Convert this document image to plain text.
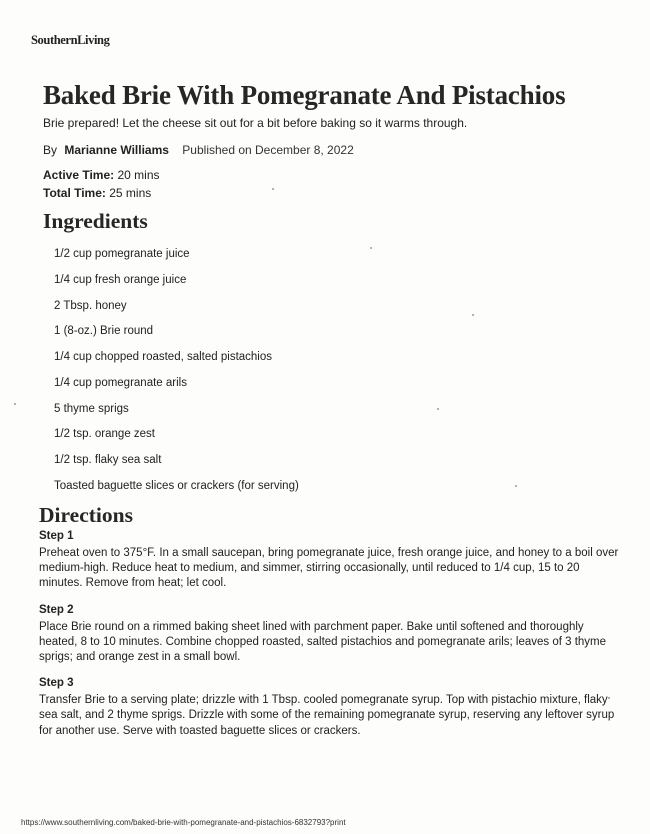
SouthernLiving
Baked Brie With Pomegranate And Pistachios
Brie prepared! Let the cheese sit out for a bit before baking so it warms through.
By Marianne Williams Published on December 8, 2022
Active Time: 20 mins
Total Time: 25 mins
Ingredients
1/2 cup pomegranate juice
1/4 cup fresh orange juice
2 Tbsp. honey
1 (8-oz.) Brie round
1/4 cup chopped roasted, salted pistachios
1/4 cup pomegranate arils
5 thyme sprigs
1/2 tsp. orange zest
1/2 tsp. flaky sea salt
Toasted baguette slices or crackers (for serving)
Directions
Step 1

Preheat oven to 375°F. In a small saucepan, bring pomegranate juice, fresh orange juice, and honey to a boil over medium-high. Reduce heat to medium, and simmer, stirring occasionally, until reduced to 1/4 cup, 15 to 20 minutes. Remove from heat; let cool.

Step 2

Place Brie round on a rimmed baking sheet lined with parchment paper. Bake until softened and thoroughly heated, 8 to 10 minutes. Combine chopped roasted, salted pistachios and pomegranate arils; leaves of 3 thyme sprigs; and orange zest in a small bowl.

Step 3

Transfer Brie to a serving plate; drizzle with 1 Tbsp. cooled pomegranate syrup. Top with pistachio mixture, flaky sea salt, and 2 thyme sprigs. Drizzle with some of the remaining pomegranate syrup, reserving any leftover syrup for another use. Serve with toasted baguette slices or crackers.

https://www.southernliving.com/baked-brie-with-pomegranate-and-pistachios-6832793?print
